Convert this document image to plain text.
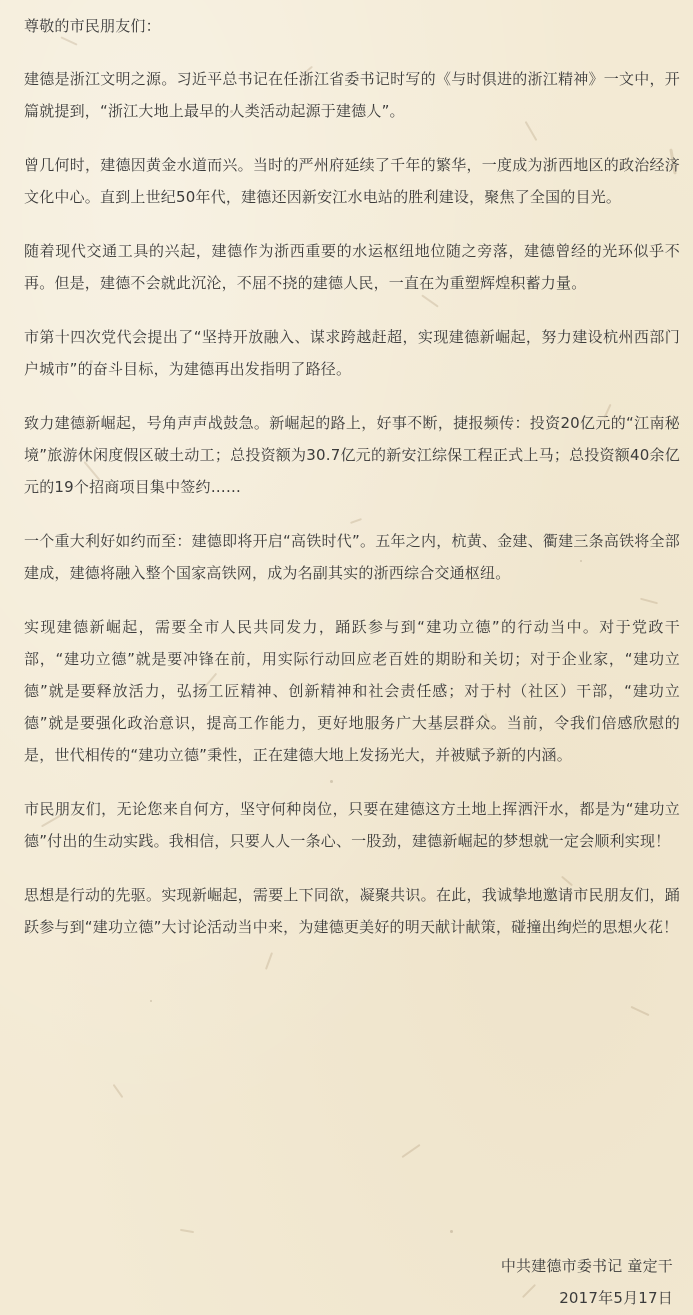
尊敬的市民朋友们：

建德是浙江文明之源。习近平总书记在任浙江省委书记时写的《与时俱进的浙江精神》一文中，开篇就提到，“浙江大地上最早的人类活动起源于建德人”。

曾几何时，建德因黄金水道而兴。当时的严州府延续了千年的繁华，一度成为浙西地区的政治经济文化中心。直到上世纪50年代，建德还因新安江水电站的胜利建设，聚焦了全国的目光。

随着现代交通工具的兴起，建德作为浙西重要的水运枢纽地位随之旁落，建德曾经的光环似乎不再。但是，建德不会就此沉沦，不屈不挠的建德人民，一直在为重塑辉煌积蓄力量。

市第十四次党代会提出了“坚持开放融入、谋求跨越赶超，实现建德新崛起，努力建设杭州西部门户城市”的奋斗目标，为建德再出发指明了路径。

致力建德新崛起，号角声声战鼓急。新崛起的路上，好事不断，捷报频传：投资20亿元的“江南秘境”旅游休闲度假区破土动工；总投资额为30.7亿元的新安江综保工程正式上马；总投资额40余亿元的19个招商项目集中签约……

一个重大利好如约而至：建德即将开启“高铁时代”。五年之内，杭黄、金建、衢建三条高铁将全部建成，建德将融入整个国家高铁网，成为名副其实的浙西综合交通枢纽。

实现建德新崛起，需要全市人民共同发力，踊跃参与到“建功立德”的行动当中。对于党政干部，“建功立德”就是要冲锋在前，用实际行动回应老百姓的期盼和关切；对于企业家，“建功立德”就是要释放活力，弘扬工匠精神、创新精神和社会责任感；对于村（社区）干部，“建功立德”就是要强化政治意识，提高工作能力，更好地服务广大基层群众。当前，令我们倍感欣慰的是，世代相传的“建功立德”秉性，正在建德大地上发扬光大，并被赋予新的内涵。

市民朋友们，无论您来自何方，坚守何种岗位，只要在建德这方土地上挥洒汗水，都是为“建功立德”付出的生动实践。我相信，只要人人一条心、一股劲，建德新崛起的梦想就一定会顺利实现！

思想是行动的先驱。实现新崛起，需要上下同欲，凝聚共识。在此，我诚挚地邀请市民朋友们，踊跃参与到“建功立德”大讨论活动当中来，为建德更美好的明天献计献策，碰撞出绚烂的思想火花！

中共建德市委书记 童定干
2017年5月17日
